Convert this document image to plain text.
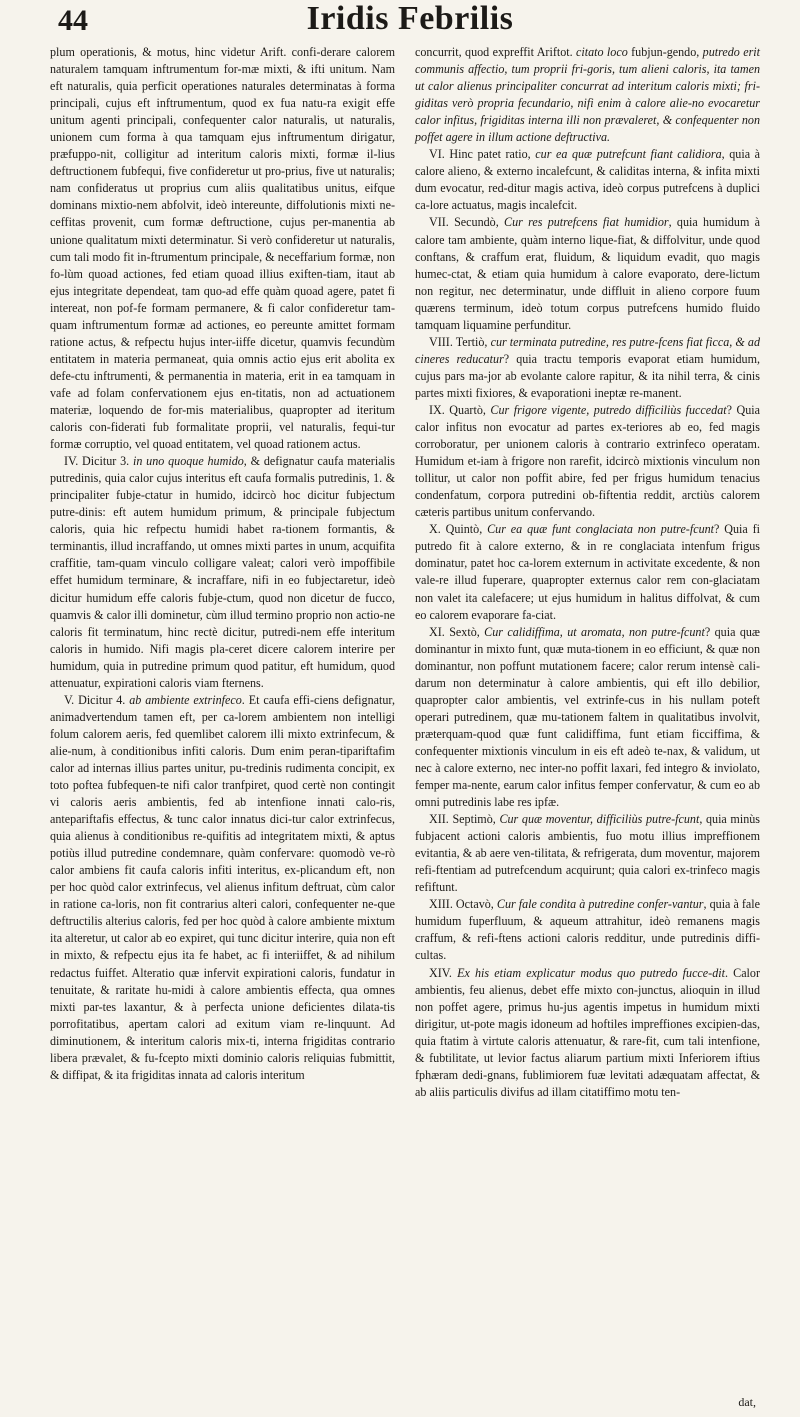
44	Iridis Febrilis

plum operationis, & motus, hinc videtur Arift. confi-derare calorem naturalem tamquam inftrumentum for-mæ mixti, & ifti unitum. Nam eft naturalis, quia perficit operationes naturales determinatas à forma principali, cujus eft inftrumentum, quod ex fua natu-ra exigit effe unitum agenti principali, confequenter calor naturalis, ut naturalis, unionem cum forma à qua tamquam ejus inftrumentum dirigatur, præfuppo-nit, colligitur ad interitum caloris mixti, formæ il-lius deftructionem fubfequi, five confideretur ut pro-prius, five ut naturalis; nam confideratus ut proprius cum aliis qualitatibus unitus, eifque dominans mixtio-nem abfolvit, ideò intereunte, diffolutionis mixti ne-ceffitas provenit, cum formæ deftructione, cujus per-manentia ab unione qualitatum mixti determinatur. Si verò confideretur ut naturalis, cum tali modo fit in-ftrumentum principale, & neceffarium formæ, non fo-lùm quoad actiones, fed etiam quoad illius exiften-tiam, itaut ab ejus integritate dependeat, tam quo-ad effe quàm quoad agere, patet fi intereat, non pof-fe formam permanere, & fi calor confideretur tam-quam inftrumentum formæ ad actiones, eo pereunte amittet formam ratione actus, & refpectu hujus inter-iiffe dicetur, quamvis fecundùm entitatem in materia permaneat, quia omnis actio ejus erit abolita ex defe-ctu inftrumenti, & permanentia in materia, erit in ea tamquam in vafe ad folam confervationem ejus en-titatis, non ad actuationem materiæ, loquendo de for-mis materialibus, quapropter ad iteritum caloris con-fiderati fub formalitate proprii, vel naturalis, fequi-tur formæ corruptio, vel quoad entitatem, vel quoad rationem actus.

IV. Dicitur 3. in uno quoque humido, & defignatur caufa materialis putredinis, quia calor cujus interitus eft caufa formalis putredinis, 1. & principaliter fubje-ctatur in humido, idcircò hoc dicitur fubjectum putre-dinis: eft autem humidum primum, & principale fubjectum caloris, quia hic refpectu humidi habet ra-tionem formantis, & terminantis, illud incraffando, ut omnes mixti partes in unum, acquifita craffitie, tam-quam vinculo colligare valeat; calori verò impoffibile effet humidum terminare, & incraffare, nifi in eo fubjectaretur, ideò dicitur humidum effe caloris fubje-ctum, quod non dicetur de fucco, quamvis & calor illi dominetur, cùm illud termino proprio non actio-ne caloris fit terminatum, hinc rectè dicitur, putredi-nem effe interitum caloris in humido. Nifi magis pla-ceret dicere calorem interire per humidum, quia in putredine primum quod patitur, eft humidum, quod attenuatur, expirationi caloris viam fternens.

V. Dicitur 4. ab ambiente extrinfeco. Et caufa effi-ciens defignatur, animadvertendum tamen eft, per ca-lorem ambientem non intelligi folum calorem aeris, fed quemlibet calorem illi mixto extrinfecum, & alie-num, à conditionibus infiti caloris. Dum enim peran-tipariftafim calor ad internas illius partes unitur, pu-tredinis rudimenta concipit, ex toto poftea fubfequen-te nifi calor tranfpiret, quod certè non contingit vi caloris aeris ambientis, fed ab intenfione innati calo-ris, antepariftafis effectus, & tunc calor innatus dici-tur calor extrinfecus, quia alienus à conditionibus re-quifitis ad integritatem mixti, & aptus potiùs illud putredine condemnare, quàm confervare: quomodò ve-rò calor ambiens fit caufa caloris infiti interitus, ex-plicandum eft, non per hoc quòd calor extrinfecus, vel alienus infitum deftruat, cùm calor in ratione ca-loris, non fit contrarius alteri calori, confequenter ne-que deftructilis alterius caloris, fed per hoc quòd à calore ambiente mixtum ita alteretur, ut calor ab eo expiret, qui tunc dicitur interire, quia non eft in mixto, & refpectu ejus ita fe habet, ac fi interiiffet, & ad nihilum redactus fuiffet. Alteratio quæ infervit expirationi caloris, fundatur in tenuitate, & raritate hu-midi à calore ambientis effecta, qua omnes mixti par-tes laxantur, & à perfecta unione deficientes dilata-tis porrofitatibus, apertam calori ad exitum viam re-linquunt. Ad diminutionem, & interitum caloris mix-ti, interna frigiditas contrario libera prævalet, & fu-fcepto mixti dominio caloris reliquias fubmittit, & diffipat, & ita frigiditas innata ad caloris interitum

concurrit, quod expreffit Ariftot. citato loco fubjun-gendo, putredo erit communis affectio, tum proprii fri-goris, tum alieni caloris, ita tamen ut calor alienus principaliter concurrat ad interitum caloris mixti; fri-giditas verò propria fecundario, nifi enim à calore alie-no evocaretur calor infitus, frigiditas interna illi non prævaleret, & confequenter non poffet agere in illum actione deftructiva.

VI. Hinc patet ratio, cur ea quæ putrefcunt fiant calidiora, quia à calore alieno, & externo incalefcunt, & caliditas interna, & infita mixti dum evocatur, red-ditur magis activa, ideò corpus putrefcens à duplici ca-lore actuatus, magis incalefcit.

VII. Secundò, Cur res putrefcens fiat humidior, quia humidum à calore tam ambiente, quàm interno lique-fiat, & diffolvitur, unde quod conftans, & craffum erat, fluidum, & liquidum evadit, quo magis humec-ctat, & etiam quia humidum à calore evaporato, dere-lictum non regitur, nec determinatur, unde diffluit in alieno corpore fuum quærens terminum, ideò totum corpus putrefcens humido fluido tamquam liquamine perfunditur.

VIII. Tertiò, cur terminata putredine, res putre-fcens fiat ficca, & ad cineres reducatur? quia tractu temporis evaporat etiam humidum, cujus pars ma-jor ab evolante calore rapitur, & ita nihil terra, & cinis partes mixti fixiores, & evaporationi ineptæ re-manent.

IX. Quartò, Cur frigore vigente, putredo difficiliùs fuccedat? Quia calor infitus non evocatur ad partes ex-teriores ab eo, fed magis corroboratur, per unionem caloris à contrario extrinfeco operatam. Humidum et-iam à frigore non rarefit, idcircò mixtionis vinculum non tollitur, ut calor non poffit abire, fed per frigus humidum tenacius condenfatum, corpora putredini ob-fiftentia reddit, arctiùs calorem cæteris partibus unitum confervando.

X. Quintò, Cur ea quæ funt conglaciata non putre-fcunt? Quia fi putredo fit à calore externo, & in re conglaciata intenfum frigus dominatur, patet hoc ca-lorem externum in activitate excedente, & non vale-re illud fuperare, quapropter externus calor rem con-glaciatam non valet ita calefacere; ut ejus humidum in halitus diffolvat, & cum eo calorem evaporare fa-ciat.

XI. Sextò, Cur calidiffima, ut aromata, non putre-fcunt? quia quæ dominantur in mixto funt, quæ muta-tionem in eo efficiunt, & quæ non dominantur, non poffunt mutationem facere; calor rerum intensè cali-darum non determinatur à calore ambientis, qui eft illo debilior, quapropter calor ambientis, vel extrinfe-cus in his nullam poteft operari putredinem, quæ mu-tationem faltem in qualitatibus involvit, præterquam-quod quæ funt calidiffima, funt etiam ficciffima, & confequenter mixtionis vinculum in eis eft adeò te-nax, & validum, ut nec à calore externo, nec inter-no poffit laxari, fed integro & inviolato, femper ma-nente, earum calor infitus femper confervatur, & cum eo ab omni putredinis labe res ipfæ.

XII. Septimò, Cur quæ moventur, difficiliùs putre-fcunt, quia minùs fubjacent actioni caloris ambientis, fuo motu illius impreffionem evitantia, & ab aere ven-tilitata, & refrigerata, dum moventur, majorem refi-ftentiam ad putrefcendum acquirunt; quia calori ex-trinfeco magis refiftunt.

XIII. Octavò, Cur fale condita à putredine confer-vantur, quia à fale humidum fuperfluum, & aqueum attrahitur, ideò remanens magis craffum, & refi-ftens actioni caloris redditur, unde putredinis diffi-cultas.

XIV. Ex his etiam explicatur modus quo putredo fucce-dit. Calor ambientis, feu alienus, debet effe mixto con-junctus, alioquin in illud non poffet agere, primus hu-jus agentis impetus in humidum mixti dirigitur, ut-pote magis idoneum ad hoftiles impreffiones excipien-das, quia ftatim à virtute caloris attenuatur, & rare-fit, cum tali intenfione, & fubtilitate, ut levior factus aliarum partium mixti Inferiorem iftius fphæram dedi-gnans, fublimiorem fuæ levitati adæquatam affectat, & ab aliis particulis divifus ad illam citatiffimo motu ten-

dat,
